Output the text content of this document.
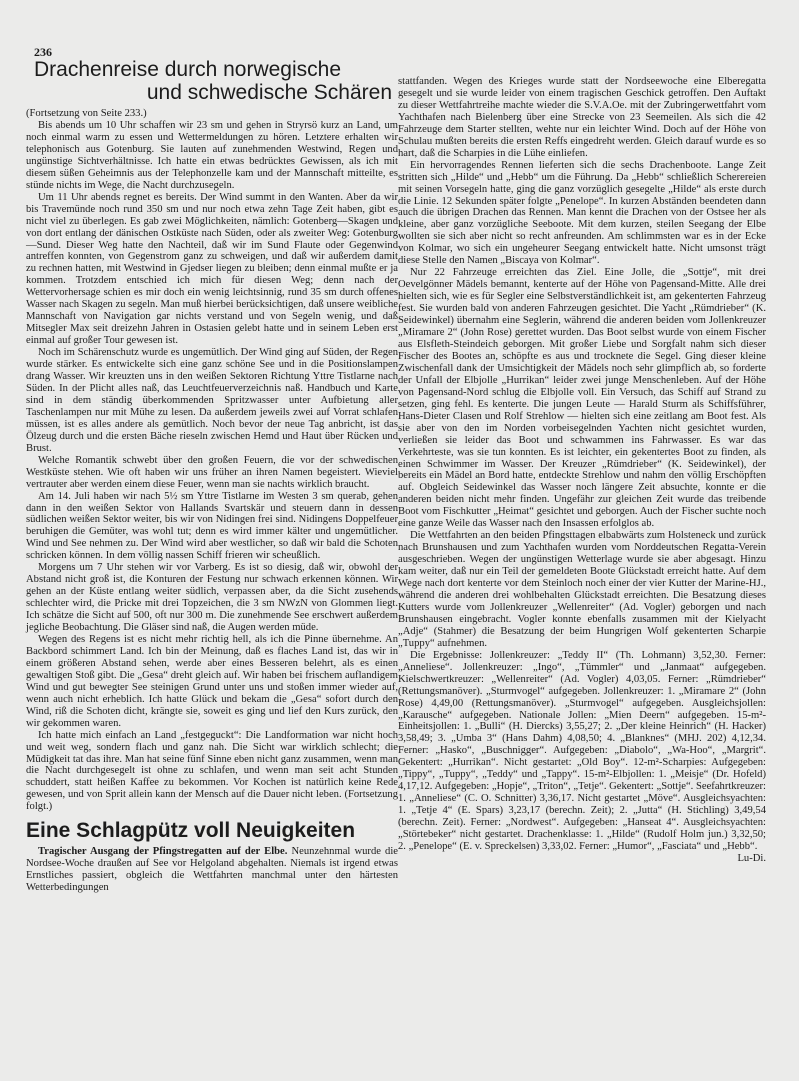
236
Drachenreise durch norwegische
und schwedische Schären
(Fortsetzung von Seite 233.)

Bis abends um 10 Uhr schaffen wir 23 sm und gehen in Stryrsö kurz an Land, um noch einmal warm zu essen und Wettermeldungen zu hören. Letztere erhalten wir telephonisch aus Gotenburg. Sie lauten auf zunehmenden Westwind, Regen und ungünstige Sichtverhältnisse. Ich hatte ein etwas bedrücktes Gewissen, als ich mit diesem süßen Geheimnis aus der Telephonzelle kam und der Mannschaft mitteilte, es stünde nichts im Wege, die Nacht durchzusegeln.

Um 11 Uhr abends regnet es bereits. Der Wind summt in den Wanten. Aber da wir bis Travemünde noch rund 350 sm und nur noch etwa zehn Tage Zeit haben, gibt es nicht viel zu überlegen. Es gab zwei Möglichkeiten, nämlich: Gotenberg—Skagen und von dort entlang der dänischen Ostküste nach Süden, oder als zweiter Weg: Gotenburg—Sund. Dieser Weg hatte den Nachteil, daß wir im Sund Flaute oder Gegenwind antreffen konnten, von Gegenstrom ganz zu schweigen, und daß wir außerdem damit zu rechnen hatten, mit Westwind in Gjedser liegen zu bleiben; denn einmal mußte er ja kommen. Trotzdem entschied ich mich für diesen Weg; denn nach der Wettervorhersage schien es mir doch ein wenig leichtsinnig, rund 35 sm durch offenes Wasser nach Skagen zu segeln. Man muß hierbei berücksichtigen, daß unsere weibliche Mannschaft von Navigation gar nichts verstand und von Segeln wenig, und daß Mitsegler Max seit dreizehn Jahren in Ostasien gelebt hatte und in seinem Leben erst einmal auf großer Tour gewesen ist.

Noch im Schärenschutz wurde es ungemütlich. Der Wind ging auf Süden, der Regen wurde stärker. Es entwickelte sich eine ganz schöne See und in die Positionslampen drang Wasser. Wir kreuzten uns in den weißen Sektoren Richtung Yttre Tistlarne nach Süden. In der Plicht alles naß, das Leuchtfeuerverzeichnis naß. Handbuch und Karte sind in dem ständig überkommenden Spritzwasser unter Aufbietung aller Taschenlampen nur mit Mühe zu lesen. Da außerdem jeweils zwei auf Vorrat schlafen müssen, ist es alles andere als gemütlich. Noch bevor der neue Tag anbricht, ist das Ölzeug durch und die ersten Bäche rieseln zwischen Hemd und Haut über Rücken und Brust.

Welche Romantik schwebt über den großen Feuern, die vor der schwedischen Westküste stehen. Wie oft haben wir uns früher an ihren Namen begeistert. Wieviel vertrauter aber werden einem diese Feuer, wenn man sie nachts wirklich braucht.

Am 14. Juli haben wir nach 5½ sm Yttre Tistlarne im Westen 3 sm querab, gehen dann in den weißen Sektor von Hallands Svartskär und steuern dann in dessen südlichen weißen Sektor weiter, bis wir von Nidingen frei sind. Nidingens Doppelfeuer beruhigen die Gemüter, was wohl tut; denn es wird immer kälter und ungemütlicher. Wind und See nehmen zu. Der Wind wird aber westlicher, so daß wir bald die Schoten schricken können. In dem völlig nassen Schiff frieren wir scheußlich.

Morgens um 7 Uhr stehen wir vor Varberg. Es ist so diesig, daß wir, obwohl der Abstand nicht groß ist, die Konturen der Festung nur schwach erkennen können. Wir gehen an der Küste entlang weiter südlich, verpassen aber, da die Sicht zusehends schlechter wird, die Pricke mit drei Topzeichen, die 3 sm NWzN von Glommen liegt. Ich schätze die Sicht auf 500, oft nur 300 m. Die zunehmende See erschwert außerdem jegliche Beobachtung. Die Gläser sind naß, die Augen werden müde.

Wegen des Regens ist es nicht mehr richtig hell, als ich die Pinne übernehme. An Backbord schimmert Land. Ich bin der Meinung, daß es flaches Land ist, das wir in einem größeren Abstand sehen, werde aber eines Besseren belehrt, als es einen gewaltigen Stoß gibt. Die „Gesa“ dreht gleich auf. Wir haben bei frischem auflandigem Wind und gut bewegter See steinigen Grund unter uns und stoßen immer wieder auf, wenn auch nicht erheblich. Ich hatte Glück und bekam die „Gesa“ sofort durch den Wind, riß die Schoten dicht, krängte sie, soweit es ging und lief den Kurs zurück, den wir gekommen waren.

Ich hatte mich einfach an Land „festgeguckt“: Die Landformation war nicht hoch und weit weg, sondern flach und ganz nah. Die Sicht war wirklich schlecht; die Müdigkeit tat das ihre. Man hat seine fünf Sinne eben nicht ganz zusammen, wenn man die Nacht durchgesegelt ist ohne zu schlafen, und wenn man seit acht Stunden schuddert, statt heißen Kaffee zu bekommen. Vor Kochen ist natürlich keine Rede gewesen, und von Sprit allein kann der Mensch auf die Dauer nicht leben. (Fortsetzung folgt.)

Eine Schlagpütz voll Neuigkeiten

Tragischer Ausgang der Pfingstregatten auf der Elbe. Neunzehnmal wurde die Nordsee-Woche draußen auf See vor Helgoland abgehalten. Niemals ist irgend etwas Ernstliches passiert, obgleich die Wettfahrten manchmal unter den härtesten Wetterbedingungen

stattfanden. Wegen des Krieges wurde statt der Nordseewoche eine Elberegatta gesegelt und sie wurde leider von einem tragischen Geschick getroffen. Den Auftakt zu dieser Wettfahrtreihe machte wieder die S.V.A.Oe. mit der Zubringerwettfahrt vom Yachthafen nach Bielenberg über eine Strecke von 23 Seemeilen. Als sich die 42 Fahrzeuge dem Starter stellten, wehte nur ein leichter Wind. Doch auf der Höhe von Schulau mußten bereits die ersten Reffs eingedreht werden. Gleich darauf wurde es so hart, daß die Scharpies in die Lühe einliefen.

Ein hervorragendes Rennen lieferten sich die sechs Drachenboote. Lange Zeit stritten sich „Hilde“ und „Hebb“ um die Führung. Da „Hebb“ schließlich Scherereien mit seinen Vorsegeln hatte, ging die ganz vorzüglich gesegelte „Hilde“ als erste durch die Linie. 12 Sekunden später folgte „Penelope“. In kurzen Abständen beendeten dann auch die übrigen Drachen das Rennen. Man kennt die Drachen von der Ostsee her als kleine, aber ganz vorzügliche Seeboote. Mit dem kurzen, steilen Seegang der Elbe wollten sie sich aber nicht so recht anfreunden. Am schlimmsten war es in der Ecke von Kolmar, wo sich ein ungeheurer Seegang entwickelt hatte. Nicht umsonst trägt diese Stelle den Namen „Biscaya von Kolmar“.

Nur 22 Fahrzeuge erreichten das Ziel. Eine Jolle, die „Sottje“, mit drei Oevelgönner Mädels bemannt, kenterte auf der Höhe von Pagensand-Mitte. Alle drei hielten sich, wie es für Segler eine Selbstverständlichkeit ist, am gekenterten Fahrzeug fest. Sie wurden bald von anderen Fahrzeugen gesichtet. Die Yacht „Rümdrieber“ (K. Seidewinkel) übernahm eine Seglerin, während die anderen beiden vom Jollenkreuzer „Miramare 2“ (John Rose) gerettet wurden. Das Boot selbst wurde von einem Fischer aus Elsfleth-Steindeich geborgen. Mit großer Liebe und Sorgfalt nahm sich dieser Fischer des Bootes an, schöpfte es aus und trocknete die Segel. Ging dieser kleine Zwischenfall dank der Umsichtigkeit der Mädels noch sehr glimpflich ab, so forderte der Unfall der Elbjolle „Hurrikan“ leider zwei junge Menschenleben. Auf der Höhe von Pagensand-Nord schlug die Elbjolle voll. Ein Versuch, das Schiff auf Strand zu setzen, ging fehl. Es kenterte. Die jungen Leute — Harald Sturm als Schiffsführer, Hans-Dieter Clasen und Rolf Strehlow — hielten sich eine zeitlang am Boot fest. Als sie aber von den im Norden vorbeisegelnden Yachten nicht gesichtet wurden, verließen sie leider das Boot und schwammen ins Fahrwasser. Es war das Verkehrteste, was sie tun konnten. Es ist leichter, ein gekentertes Boot zu finden, als einen Schwimmer im Wasser. Der Kreuzer „Rümdrieber“ (K. Seidewinkel), der bereits ein Mädel an Bord hatte, entdeckte Strehlow und nahm den völlig Erschöpften auf. Obgleich Seidewinkel das Wasser noch längere Zeit absuchte, konnte er die anderen beiden nicht mehr finden. Ungefähr zur gleichen Zeit wurde das treibende Boot vom Fischkutter „Heimat“ gesichtet und geborgen. Auch der Fischer suchte noch eine ganze Weile das Wasser nach den Insassen erfolglos ab.

Die Wettfahrten an den beiden Pfingsttagen elbabwärts zum Holsteneck und zurück nach Brunshausen und zum Yachthafen wurden vom Norddeutschen Regatta-Verein ausgeschrieben. Wegen der ungünstigen Wetterlage wurde sie aber abgesagt. Hinzu kam weiter, daß nur ein Teil der gemeldeten Boote Glückstadt erreicht hatte. Auf dem Wege nach dort kenterte vor dem Steinloch noch einer der vier Kutter der Marine-HJ., während die anderen drei wohlbehalten Glückstadt erreichten. Die Besatzung dieses Kutters wurde vom Jollenkreuzer „Wellenreiter“ (Ad. Vogler) geborgen und nach Brunshausen eingebracht. Vogler konnte ebenfalls zusammen mit der Kielyacht „Adje“ (Stahmer) die Besatzung der beim Hungrigen Wolf gekenterten Scharpie „Tuppy“ aufnehmen.

Die Ergebnisse: Jollenkreuzer: „Teddy II“ (Th. Lohmann) 3,52,30. Ferner: „Anneliese“. Jollenkreuzer: „Ingo“, „Tümmler“ und „Janmaat“ aufgegeben. Kielschwertkreuzer: „Wellenreiter“ (Ad. Vogler) 4,03,05. Ferner: „Rümdrieber“ (Rettungsmanöver). „Sturmvogel“ aufgegeben. Jollenkreuzer: 1. „Miramare 2“ (John Rose) 4,49,00 (Rettungsmanöver). „Sturmvogel“ aufgegeben. Ausgleichsjollen: „Karausche“ aufgegeben. Nationale Jollen: „Mien Deern“ aufgegeben. 15-m²-Einheitsjollen: 1. „Bulli“ (H. Diercks) 3,55,27; 2. „Der kleine Heinrich“ (H. Hacker) 3,58,49; 3. „Umba 3“ (Hans Dahm) 4,08,50; 4. „Blanknes“ (MHJ. 202) 4,12,34. Ferner: „Hasko“, „Buschnigger“. Aufgegeben: „Diabolo“, „Wa-Hoo“, „Margrit“. Gekentert: „Hurrikan“. Nicht gestartet: „Old Boy“. 12-m²-Scharpies: Aufgegeben: „Tippy“, „Tuppy“, „Teddy“ und „Tappy“. 15-m²-Elbjollen: 1. „Meisje“ (Dr. Hofeld) 4,17,12. Aufgegeben: „Hopje“, „Triton“, „Tetje“. Gekentert: „Sottje“. Seefahrtkreuzer: 1. „Anneliese“ (C. O. Schnitter) 3,36,17. Nicht gestartet „Möve“. Ausgleichsyachten: 1. „Tetje 4“ (E. Spars) 3,23,17 (berechn. Zeit); 2. „Jutta“ (H. Stichling) 3,49,54 (berechn. Zeit). Ferner: „Nordwest“. Aufgegeben: „Hanseat 4“. Ausgleichsyachten: „Störtebeker“ nicht gestartet. Drachenklasse: 1. „Hilde“ (Rudolf Holm jun.) 3,32,50; 2. „Penelope“ (E. v. Spreckelsen) 3,33,02. Ferner: „Humor“, „Fasciata“ und „Hebb“.

Lu-Di.
